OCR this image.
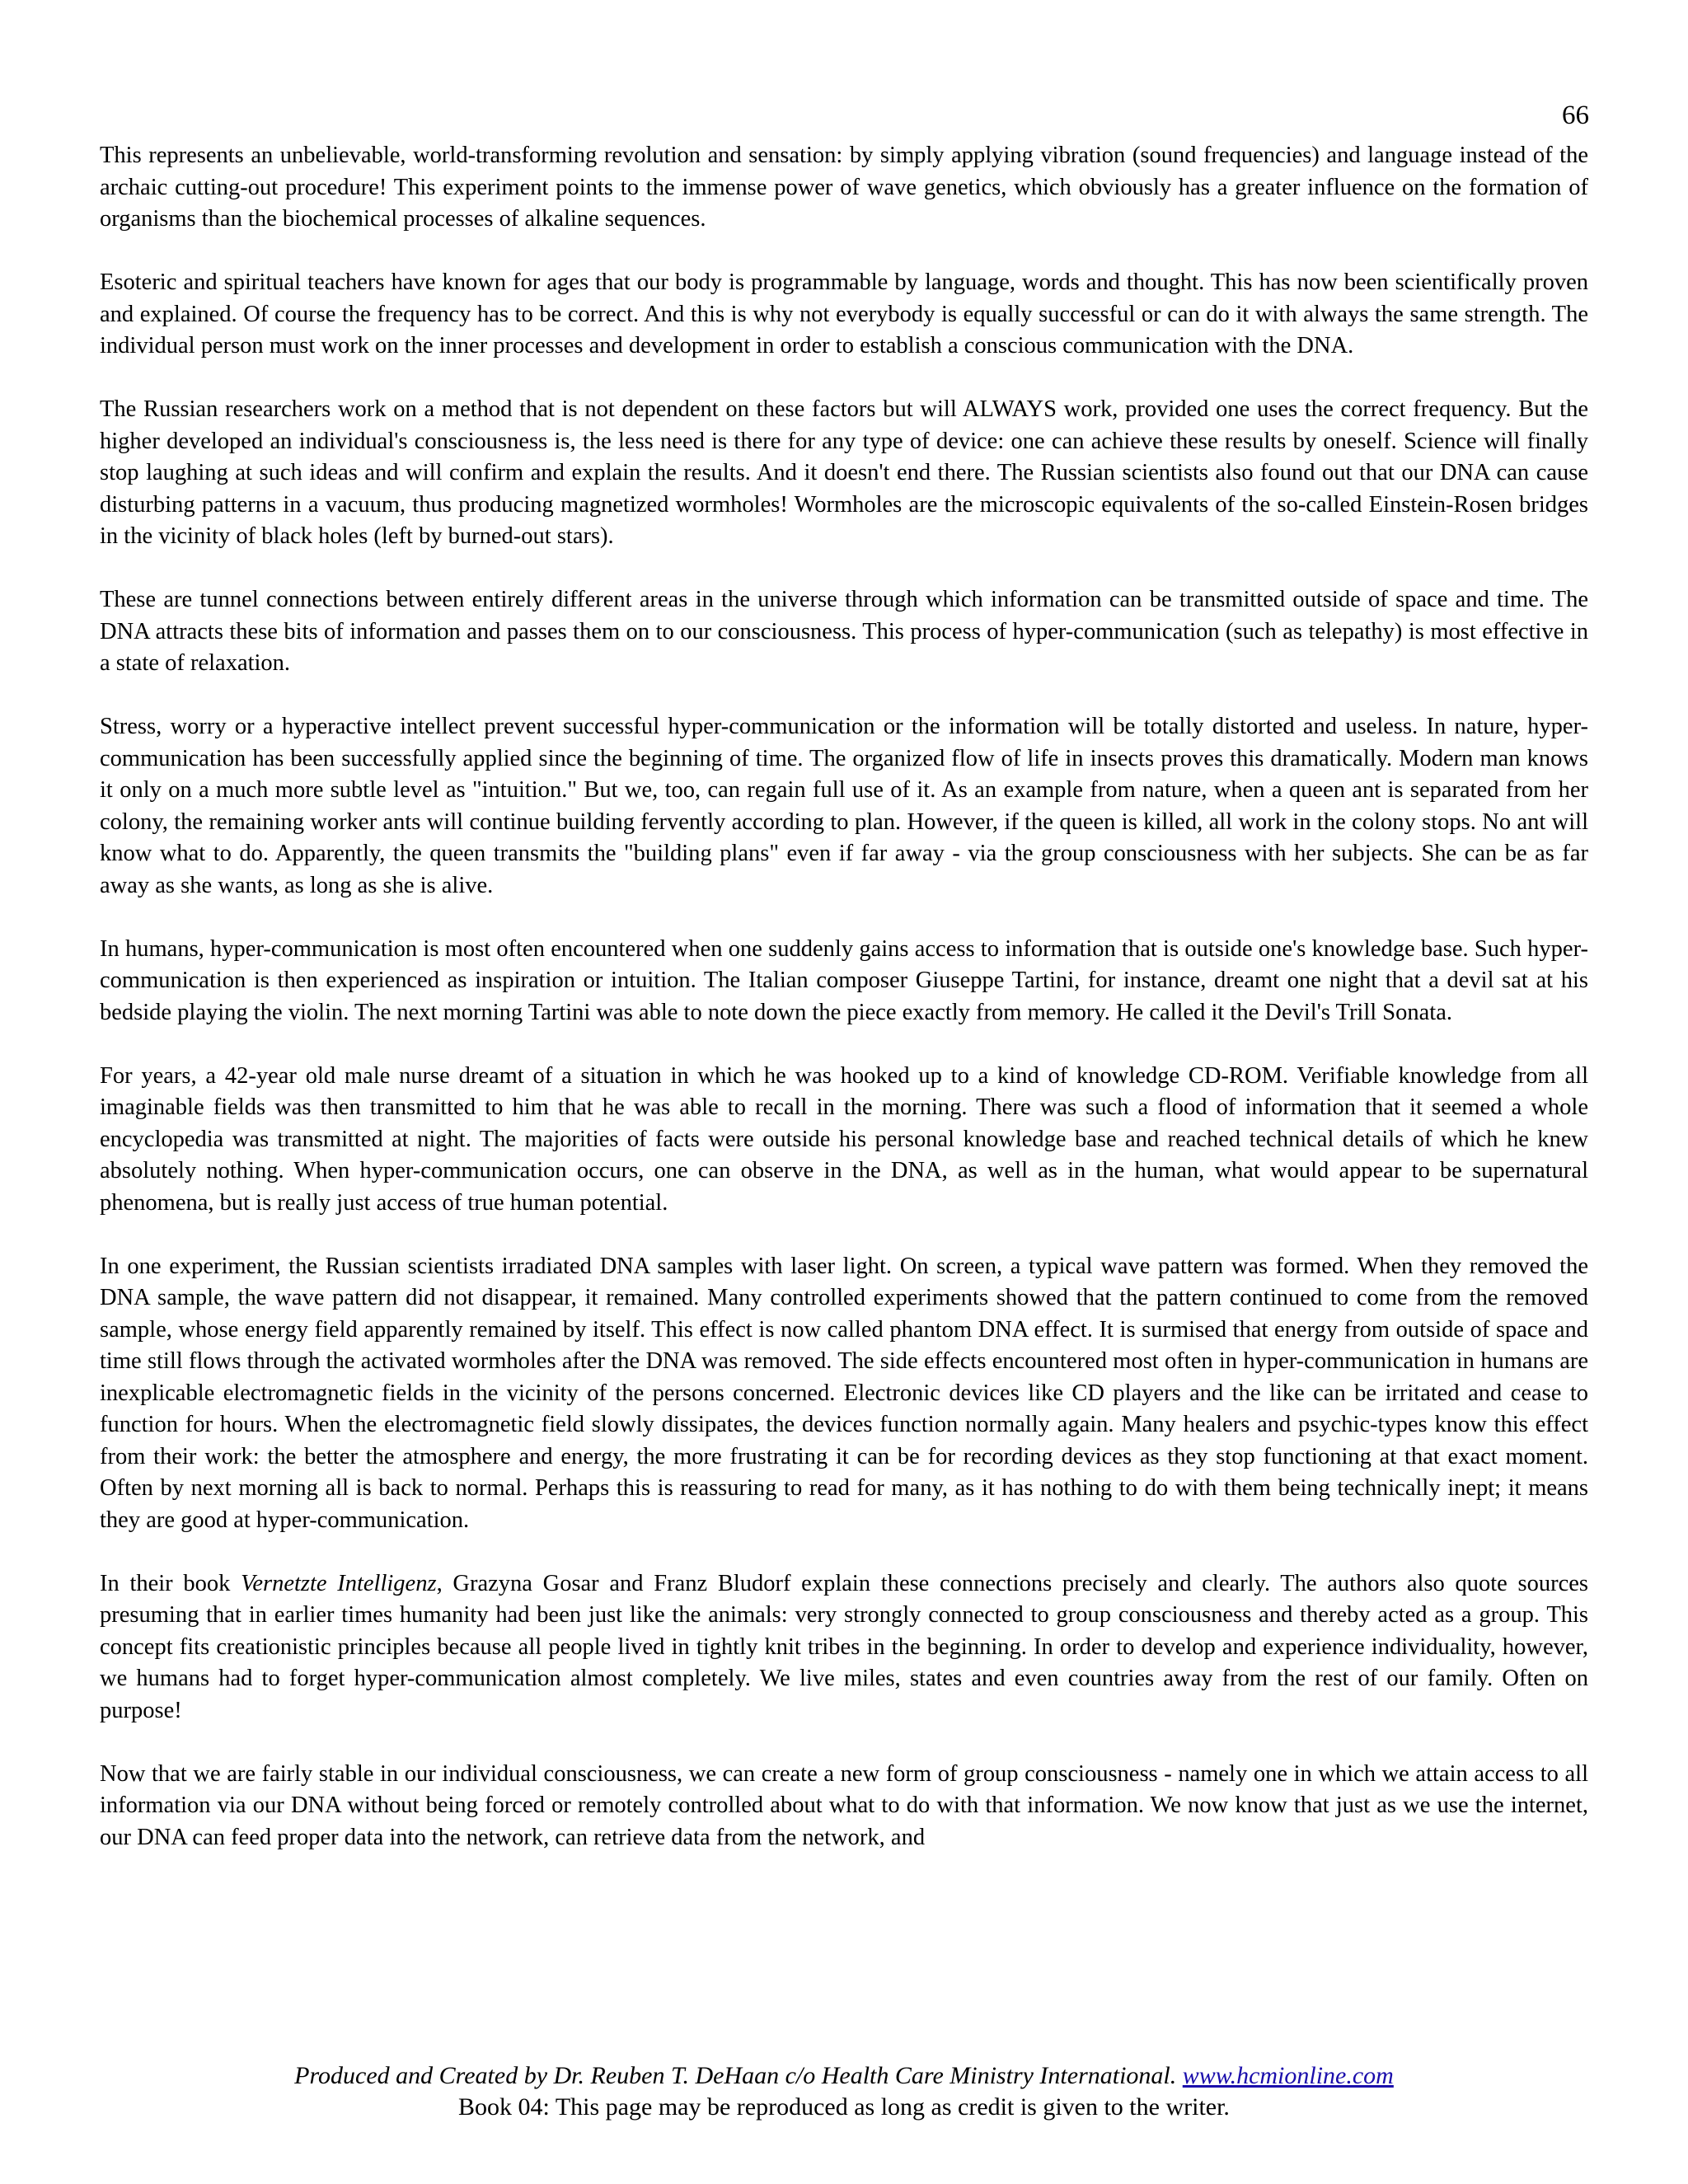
66

This represents an unbelievable, world-transforming revolution and sensation: by simply applying vibration (sound frequencies) and language instead of the archaic cutting-out procedure! This experiment points to the immense power of wave genetics, which obviously has a greater influence on the formation of organisms than the biochemical processes of alkaline sequences.

Esoteric and spiritual teachers have known for ages that our body is programmable by language, words and thought. This has now been scientifically proven and explained. Of course the frequency has to be correct. And this is why not everybody is equally successful or can do it with always the same strength. The individual person must work on the inner processes and development in order to establish a conscious communication with the DNA.

The Russian researchers work on a method that is not dependent on these factors but will ALWAYS work, provided one uses the correct frequency. But the higher developed an individual's consciousness is, the less need is there for any type of device: one can achieve these results by oneself. Science will finally stop laughing at such ideas and will confirm and explain the results. And it doesn't end there. The Russian scientists also found out that our DNA can cause disturbing patterns in a vacuum, thus producing magnetized wormholes! Wormholes are the microscopic equivalents of the so-called Einstein-Rosen bridges in the vicinity of black holes (left by burned-out stars).

These are tunnel connections between entirely different areas in the universe through which information can be transmitted outside of space and time. The DNA attracts these bits of information and passes them on to our consciousness. This process of hyper-communication (such as telepathy) is most effective in a state of relaxation.

Stress, worry or a hyperactive intellect prevent successful hyper-communication or the information will be totally distorted and useless. In nature, hyper-communication has been successfully applied since the beginning of time. The organized flow of life in insects proves this dramatically. Modern man knows it only on a much more subtle level as "intuition." But we, too, can regain full use of it. As an example from nature, when a queen ant is separated from her colony, the remaining worker ants will continue building fervently according to plan. However, if the queen is killed, all work in the colony stops. No ant will know what to do. Apparently, the queen transmits the "building plans" even if far away - via the group consciousness with her subjects. She can be as far away as she wants, as long as she is alive.

In humans, hyper-communication is most often encountered when one suddenly gains access to information that is outside one's knowledge base. Such hyper-communication is then experienced as inspiration or intuition. The Italian composer Giuseppe Tartini, for instance, dreamt one night that a devil sat at his bedside playing the violin. The next morning Tartini was able to note down the piece exactly from memory. He called it the Devil's Trill Sonata.

For years, a 42-year old male nurse dreamt of a situation in which he was hooked up to a kind of knowledge CD-ROM. Verifiable knowledge from all imaginable fields was then transmitted to him that he was able to recall in the morning. There was such a flood of information that it seemed a whole encyclopedia was transmitted at night. The majorities of facts were outside his personal knowledge base and reached technical details of which he knew absolutely nothing. When hyper-communication occurs, one can observe in the DNA, as well as in the human, what would appear to be supernatural phenomena, but is really just access of true human potential.

In one experiment, the Russian scientists irradiated DNA samples with laser light. On screen, a typical wave pattern was formed. When they removed the DNA sample, the wave pattern did not disappear, it remained. Many controlled experiments showed that the pattern continued to come from the removed sample, whose energy field apparently remained by itself. This effect is now called phantom DNA effect. It is surmised that energy from outside of space and time still flows through the activated wormholes after the DNA was removed. The side effects encountered most often in hyper-communication in humans are inexplicable electromagnetic fields in the vicinity of the persons concerned. Electronic devices like CD players and the like can be irritated and cease to function for hours. When the electromagnetic field slowly dissipates, the devices function normally again. Many healers and psychic-types know this effect from their work: the better the atmosphere and energy, the more frustrating it can be for recording devices as they stop functioning at that exact moment. Often by next morning all is back to normal. Perhaps this is reassuring to read for many, as it has nothing to do with them being technically inept; it means they are good at hyper-communication.

In their book Vernetzte Intelligenz, Grazyna Gosar and Franz Bludorf explain these connections precisely and clearly. The authors also quote sources presuming that in earlier times humanity had been just like the animals: very strongly connected to group consciousness and thereby acted as a group. This concept fits creationistic principles because all people lived in tightly knit tribes in the beginning. In order to develop and experience individuality, however, we humans had to forget hyper-communication almost completely. We live miles, states and even countries away from the rest of our family. Often on purpose!

Now that we are fairly stable in our individual consciousness, we can create a new form of group consciousness - namely one in which we attain access to all information via our DNA without being forced or remotely controlled about what to do with that information. We now know that just as we use the internet, our DNA can feed proper data into the network, can retrieve data from the network, and

Produced and Created by Dr. Reuben T. DeHaan c/o Health Care Ministry International. www.hcmionline.com
Book 04: This page may be reproduced as long as credit is given to the writer.
